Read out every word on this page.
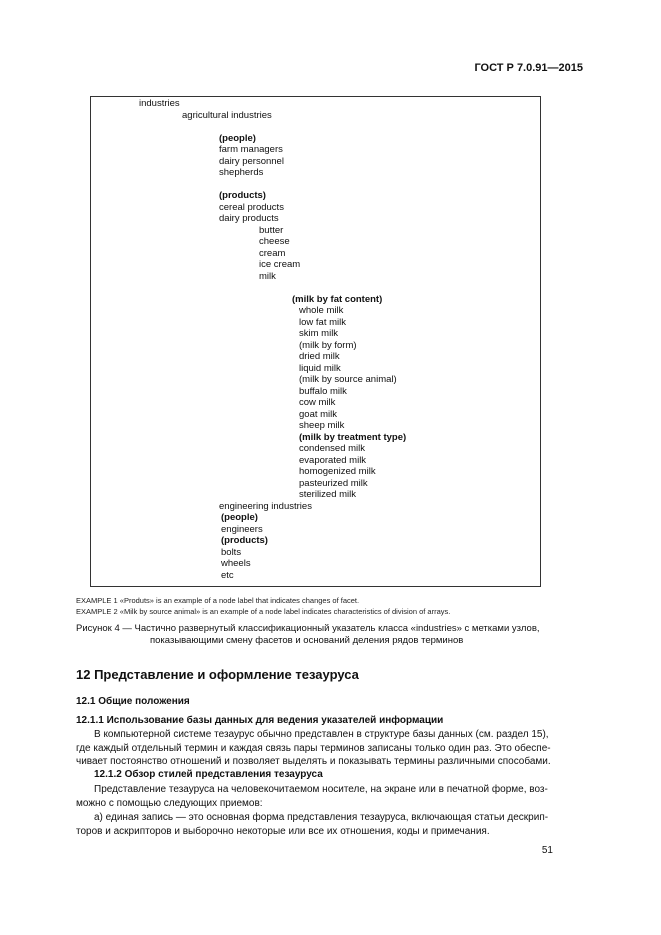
ГОСТ Р 7.0.91—2015
industries
agricultural industries
(people)
farm managers
dairy personnel
shepherds
(products)
cereal products
dairy products
butter
cheese
cream
ice cream
milk
(milk by fat content)
whole milk
low fat milk
skim milk
(milk by form)
dried milk
liquid milk
(milk by source animal)
buffalo milk
cow milk
goat milk
sheep milk
(milk by treatment type)
condensed milk
evaporated milk
homogenized milk
pasteurized milk
sterilized milk
engineering industries
(people)
engineers
(products)
bolts
wheels
etc
EXAMPLE 1 «Produts» is an example of a node label that indicates changes of facet.
EXAMPLE 2 «Milk by source animal» is an example of a node label indicates characteristics of division of arrays.
Рисунок 4 — Частично развернутый классификационный указатель класса «industries» с метками узлов,
показывающими смену фасетов и оснований деления рядов терминов
12 Представление и оформление тезауруса
12.1 Общие положения
12.1.1 Использование базы данных для ведения указателей информации
В компьютерной системе тезаурус обычно представлен в структуре базы данных (см. раздел 15),
где каждый отдельный термин и каждая связь пары терминов записаны только один раз. Это обеспе-
чивает постоянство отношений и позволяет выделять и показывать термины различными способами.
12.1.2 Обзор стилей представления тезауруса
Представление тезауруса на человекочитаемом носителе, на экране или в печатной форме, воз-
можно с помощью следующих приемов:
а) единая запись — это основная форма представления тезауруса, включающая статьи дескрип-
торов и аскрипторов и выборочно некоторые или все их отношения, коды и примечания.
51
